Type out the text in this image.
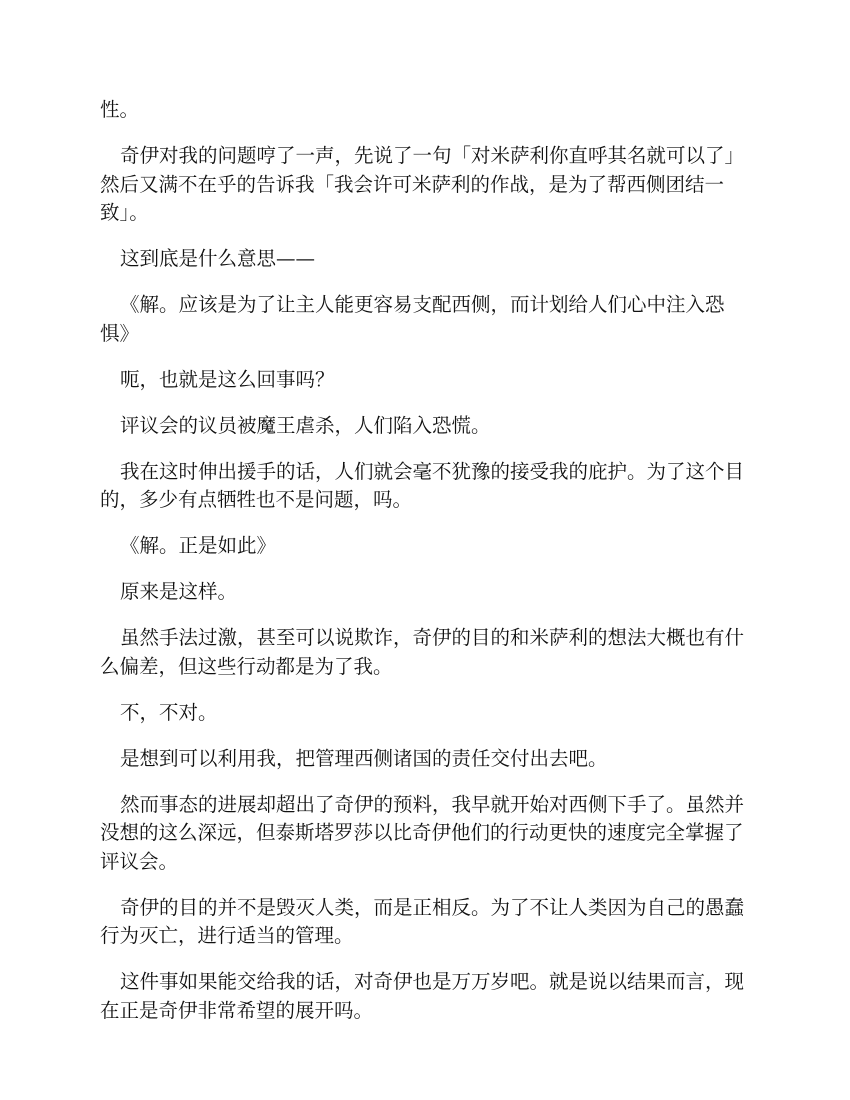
性。

奇伊对我的问题哼了一声，先说了一句「对米萨利你直呼其名就可以了」然后又满不在乎的告诉我「我会许可米萨利的作战，是为了帮西侧团结一致」。

这到底是什么意思——

《解。应该是为了让主人能更容易支配西侧，而计划给人们心中注入恐惧》

呃，也就是这么回事吗？

评议会的议员被魔王虐杀，人们陷入恐慌。

我在这时伸出援手的话，人们就会毫不犹豫的接受我的庇护。为了这个目的，多少有点牺牲也不是问题，吗。

《解。正是如此》

原来是这样。

虽然手法过激，甚至可以说欺诈，奇伊的目的和米萨利的想法大概也有什么偏差，但这些行动都是为了我。

不，不对。

是想到可以利用我，把管理西侧诸国的责任交付出去吧。

然而事态的进展却超出了奇伊的预料，我早就开始对西侧下手了。虽然并没想的这么深远，但泰斯塔罗莎以比奇伊他们的行动更快的速度完全掌握了评议会。

奇伊的目的并不是毁灭人类，而是正相反。为了不让人类因为自己的愚蠢行为灭亡，进行适当的管理。

这件事如果能交给我的话，对奇伊也是万万岁吧。就是说以结果而言，现在正是奇伊非常希望的展开吗。
